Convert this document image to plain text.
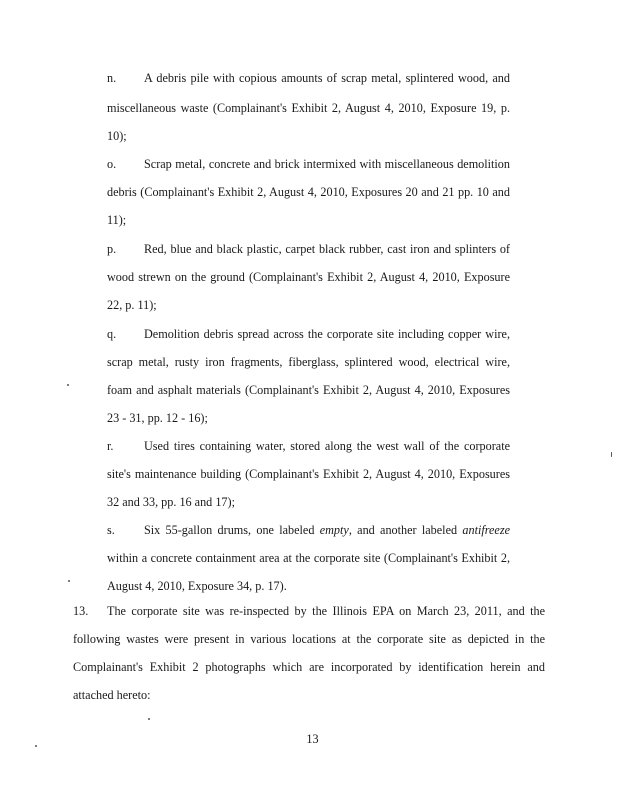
n. A debris pile with copious amounts of scrap metal, splintered wood, and
miscellaneous waste (Complainant's Exhibit 2, August 4, 2010, Exposure 19, p.
10);
o. Scrap metal, concrete and brick intermixed with miscellaneous demolition
debris (Complainant's Exhibit 2, August 4, 2010, Exposures 20 and 21 pp. 10 and
11);
p. Red, blue and black plastic, carpet black rubber, cast iron and splinters of
wood strewn on the ground (Complainant's Exhibit 2, August 4, 2010, Exposure
22, p. 11);
q. Demolition debris spread across the corporate site including copper wire,
scrap metal, rusty iron fragments, fiberglass, splintered wood, electrical wire,
foam and asphalt materials (Complainant's Exhibit 2, August 4, 2010, Exposures
23 - 31, pp. 12 - 16);
r.	Used tires containing water, stored along the west wall of the corporate
site's maintenance building (Complainant's Exhibit 2, August 4, 2010, Exposures
32 and 33, pp. 16 and 17);
s. Six 55-gallon drums, one labeled empty, and another labeled antifreeze
within a concrete containment area at the corporate site (Complainant's Exhibit 2,
August 4, 2010, Exposure 34, p. 17).
13. The corporate site was re-inspected by the Illinois EPA on March 23, 2011, and the
following wastes were present in various locations at the corporate site as depicted in the
Complainant's Exhibit 2 photographs which are incorporated by identification herein and
attached hereto:
13
